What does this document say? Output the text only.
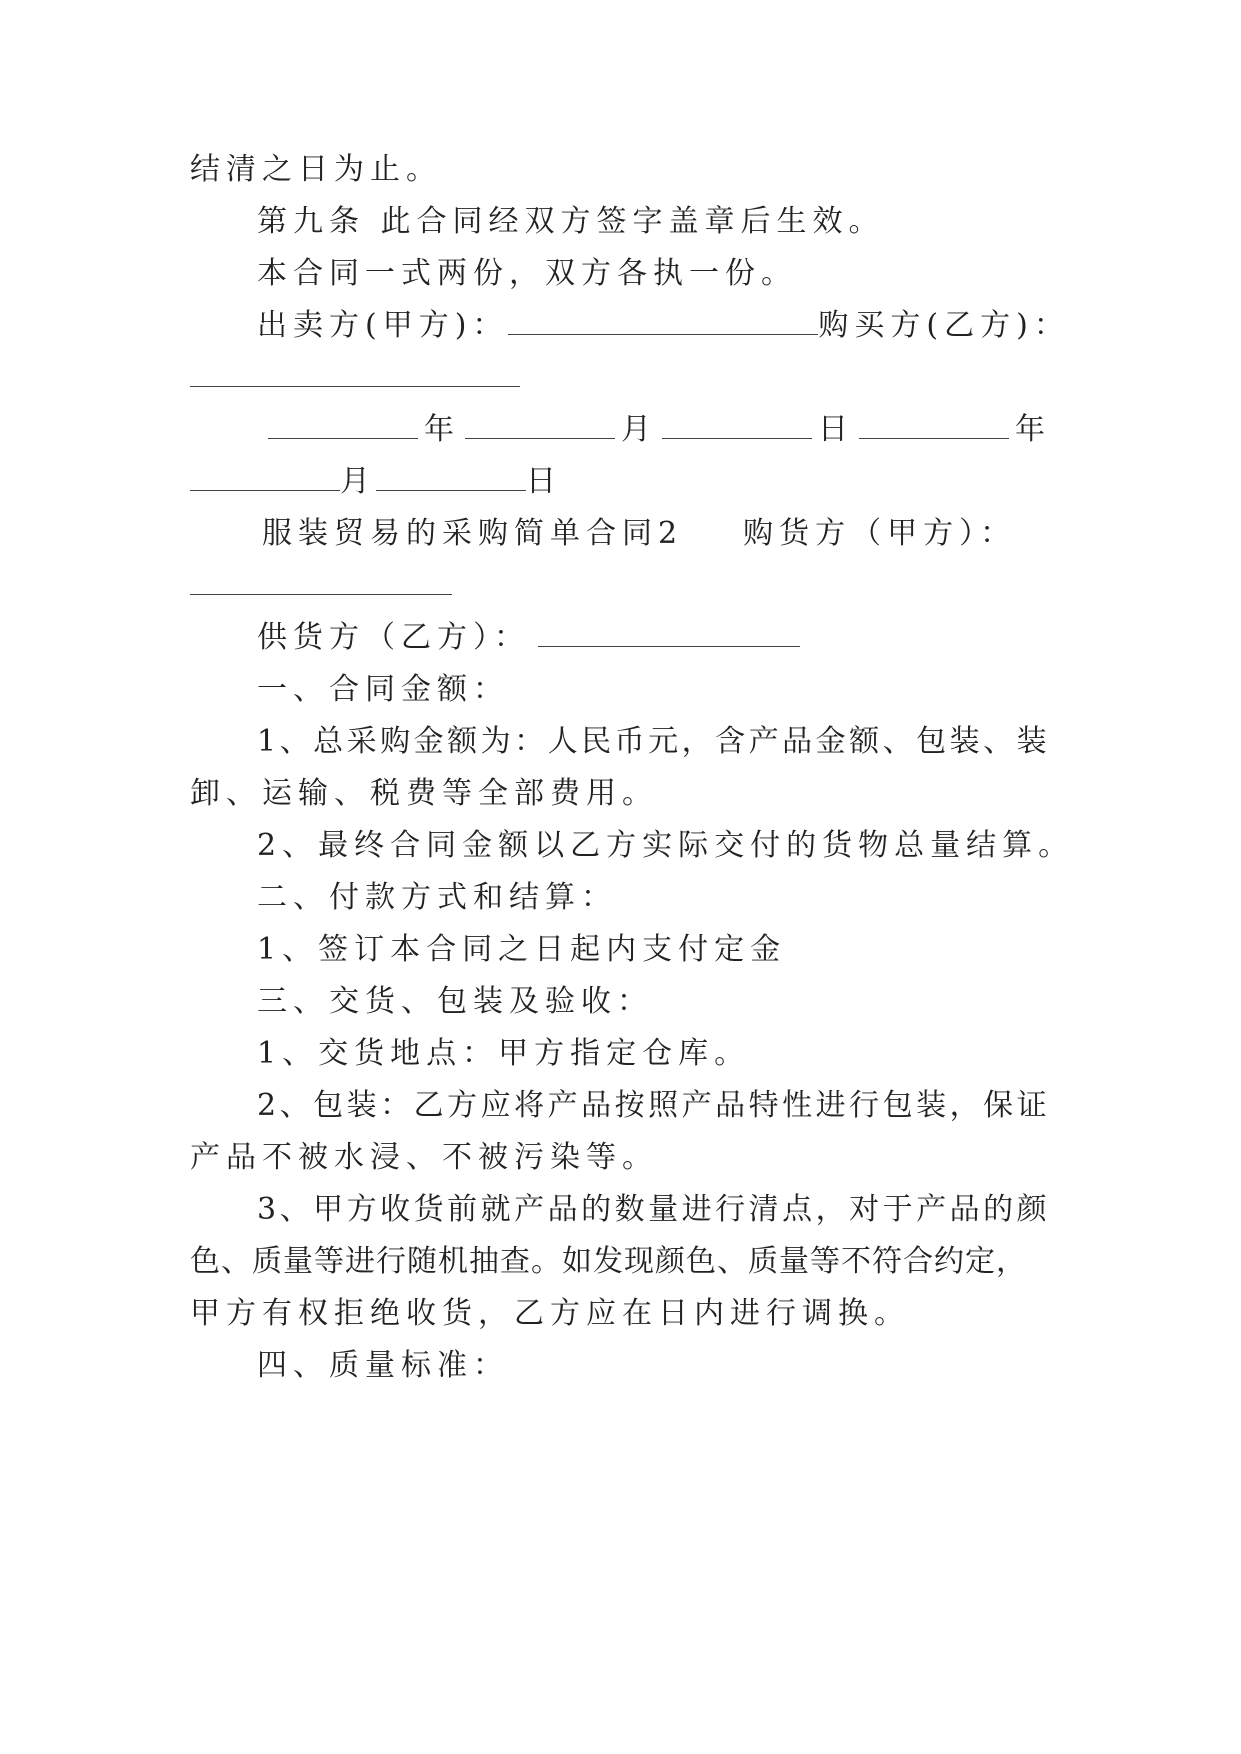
结清之日为止。
第九条 此合同经双方签字盖章后生效。
本合同一式两份，双方各执一份。
出卖方(甲方)：	购买方(乙方)：
年	月	日	年
月	日
服装贸易的采购简单合同2 购货方（甲方）：
供货方（乙方）：
一、合同金额：
1、总采购金额为：人民币元，含产品金额、包装、装
卸、运输、税费等全部费用。
2、最终合同金额以乙方实际交付的货物总量结算。
二、付款方式和结算：
1、签订本合同之日起内支付定金
三、交货、包装及验收：
1、交货地点：甲方指定仓库。
2、包装：乙方应将产品按照产品特性进行包装，保证
产品不被水浸、不被污染等。
3、甲方收货前就产品的数量进行清点，对于产品的颜
色、质量等进行随机抽查。如发现颜色、质量等不符合约定，
甲方有权拒绝收货，乙方应在日内进行调换。
四、质量标准：
